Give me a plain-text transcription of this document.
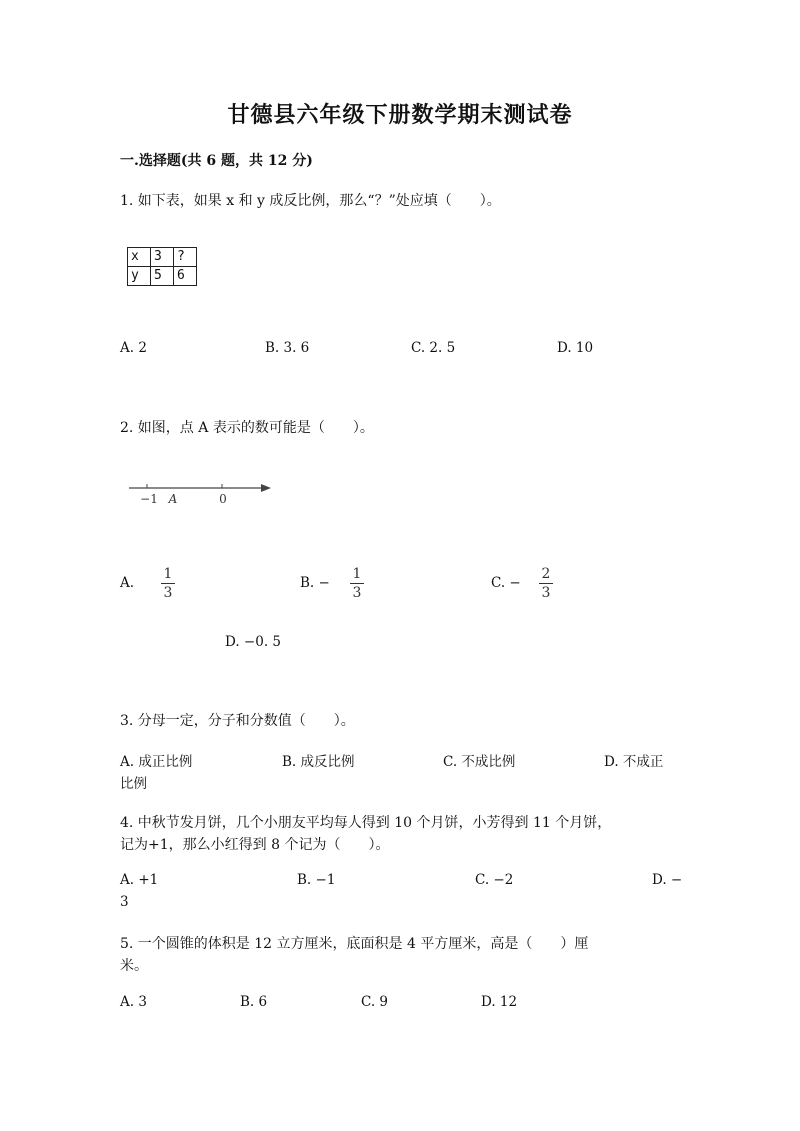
甘德县六年级下册数学期末测试卷
一.选择题(共 6 题，共 12 分)
1. 如下表，如果 x 和 y 成反比例，那么“？”处应填（　　）。
x	3	?
y	5	6
A. 2	B. 3. 6	C. 2. 5	D. 10
2. 如图，点 A 表示的数可能是（　　）。
−1 A	0
A.
1
3
B. −
1
3
C. −
2
3
D. −0. 5
3. 分母一定，分子和分数值（　　）。
A. 成正比例	B. 成反比例	C. 不成比例	D. 不成正
比例
4. 中秋节发月饼，几个小朋友平均每人得到 10 个月饼，小芳得到 11 个月饼，
记为+1，那么小红得到 8 个记为（　　）。
A. +1	B. −1	C. −2	D. −
3
5. 一个圆锥的体积是 12 立方厘米，底面积是 4 平方厘米，高是（　　）厘
米。
A. 3	B. 6	C. 9	D. 12
